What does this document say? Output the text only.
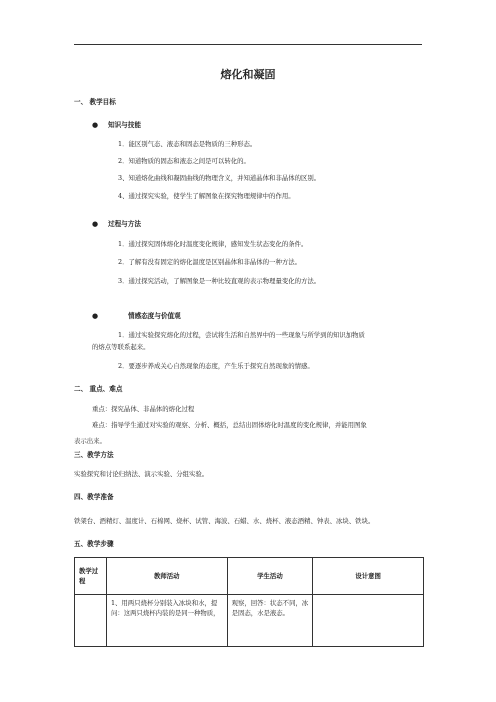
熔化和凝固
一、 教学目标
● 知识与技能
1．能区别气态、液态和固态是物质的三种形态。
2．知道物质的固态和液态之间是可以转化的。
3、知道熔化曲线和凝固曲线的物理含义，并知道晶体和非晶体的区别。
4、通过探究实验，使学生了解图象在探究物理规律中的作用。
● 过程与方法
1．通过探究固体熔化时温度变化规律，感知发生状态变化的条件。
2．了解有没有固定的熔化温度是区别晶体和非晶体的一种方法。
3．通过探究活动，了解图象是一种比较直观的表示物理量变化的方法。
●	情感态度与价值观
1．通过实验探究熔化的过程，尝试将生活和自然界中的一些现象与所学到的知识加物质
的熔点等联系起来。
2．要逐步养成关心自然现象的态度，产生乐于探究自然现象的情感。
二、 重点、难点
重点：探究晶体、非晶体的熔化过程
难点：指导学生通过对实验的观察、分析、概括，总结出固体熔化时温度的变化规律，并能用图象
表示出来。
三、教学方法
实验探究和讨论归纳法、演示实验、分组实验。
四、教学准备
铁架台、酒精灯、温度计、石棉网、烧杯、试管、海波、石蜡、水、烧杯、液态酒精、钟表、冰块、铁块。
五、教学步骤
教学过程	教师活动	学生活动	设计意图
	1、用两只烧杯分别装入冰块和水，提问：这两只烧杯内装的是同一种物质，	观察，回答：状态不同，冰是固态，水是液态。	
